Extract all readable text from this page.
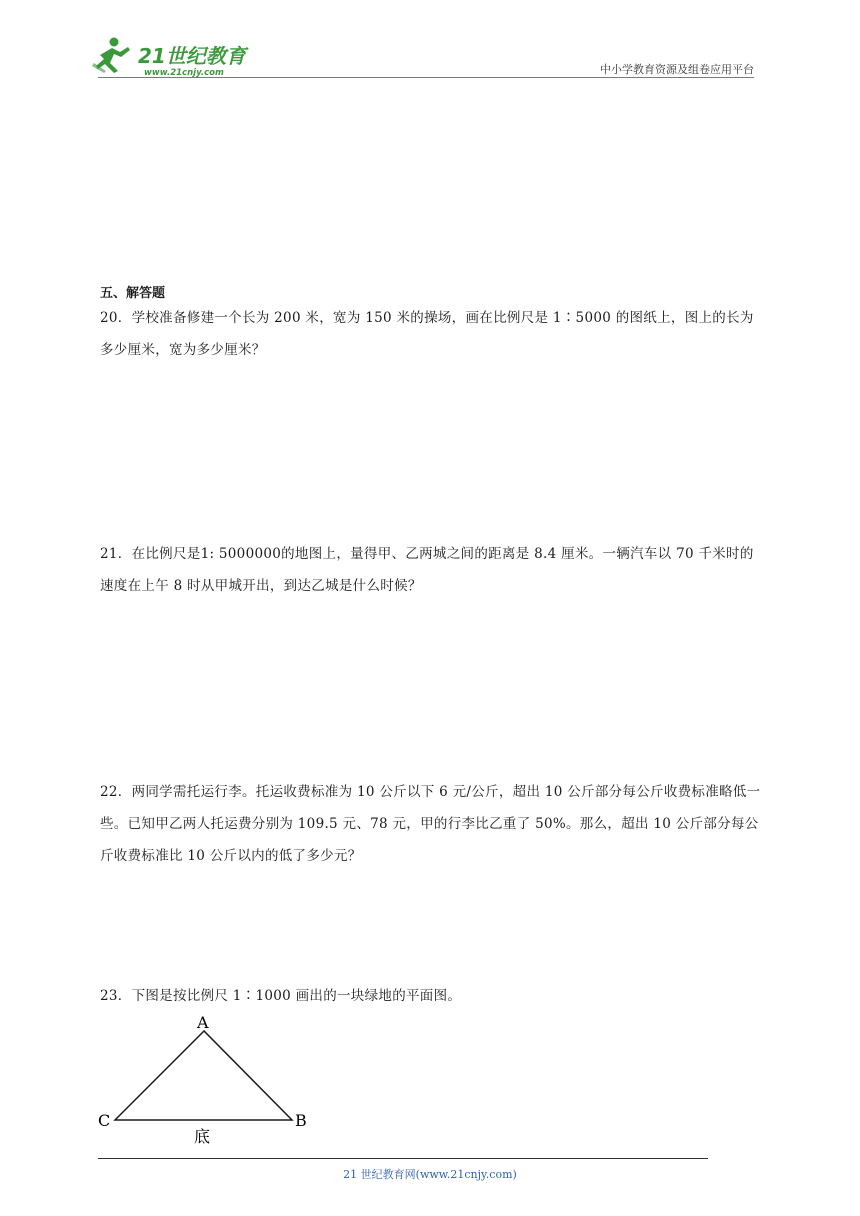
21世纪教育
www.21cnjy.com	中小学教育资源及组卷应用平台
五、解答题
20．学校准备修建一个长为 200 米，宽为 150 米的操场，画在比例尺是 1∶5000 的图纸上，图上的长为多少厘米，宽为多少厘米？
21．在比例尺是1: 5000000的地图上，量得甲、乙两城之间的距离是 8.4 厘米。一辆汽车以 70 千米时的速度在上午 8 时从甲城开出，到达乙城是什么时候？
22．两同学需托运行李。托运收费标准为 10 公斤以下 6 元/公斤，超出 10 公斤部分每公斤收费标准略低一些。已知甲乙两人托运费分别为 109.5 元、78 元，甲的行李比乙重了 50%。那么，超出 10 公斤部分每公斤收费标准比 10 公斤以内的低了多少元？
23．下图是按比例尺 1∶1000 画出的一块绿地的平面图。
A
C	B
底
21 世纪教育网(www.21cnjy.com)
